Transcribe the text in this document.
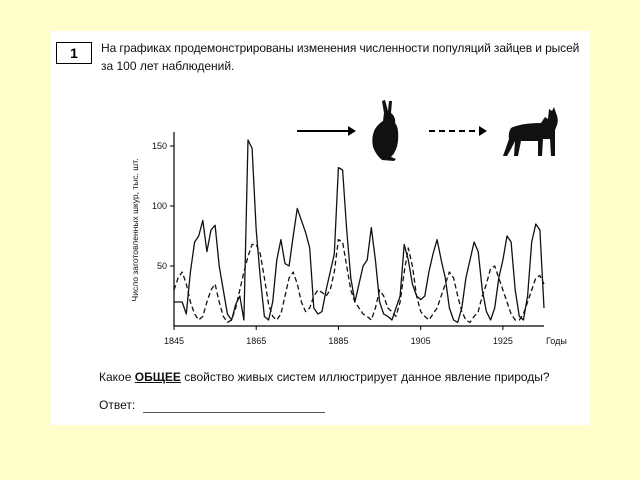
1	На графиках продемонстрированы изменения численности популяций зайцев и рысей
за 100 лет наблюдений.
50
100
150
1845	1865	1885	1905	1925	Годы
Число заготовленных шкур, тыс. шт.
Какое ОБЩЕЕ свойство живых систем иллюстрирует данное явление природы?
Ответ:
